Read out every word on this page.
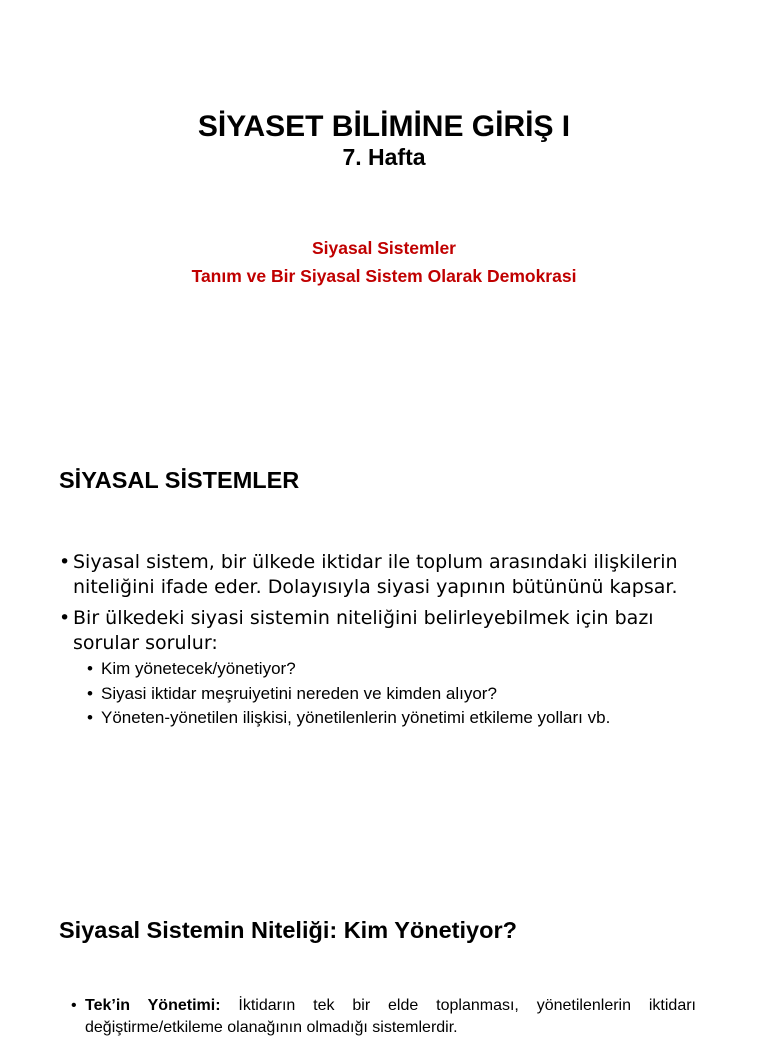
SİYASET BİLİMİNE GİRİŞ I
7. Hafta
Siyasal Sistemler
Tanım ve Bir Siyasal Sistem Olarak Demokrasi
SİYASAL SİSTEMLER
• Siyasal sistem, bir ülkede iktidar ile toplum arasındaki ilişkilerin niteliğini ifade eder. Dolayısıyla siyasi yapının bütününü kapsar.
• Bir ülkedeki siyasi sistemin niteliğini belirleyebilmek için bazı sorular sorulur:
• Kim yönetecek/yönetiyor?
• Siyasi iktidar meşruiyetini nereden ve kimden alıyor?
• Yöneten-yönetilen ilişkisi, yönetilenlerin yönetimi etkileme yolları vb.
Siyasal Sistemin Niteliği: Kim Yönetiyor?
• Tek’in Yönetimi: İktidarın tek bir elde toplanması, yönetilenlerin iktidarı değiştirme/etkileme olanağının olmadığı sistemlerdir.
